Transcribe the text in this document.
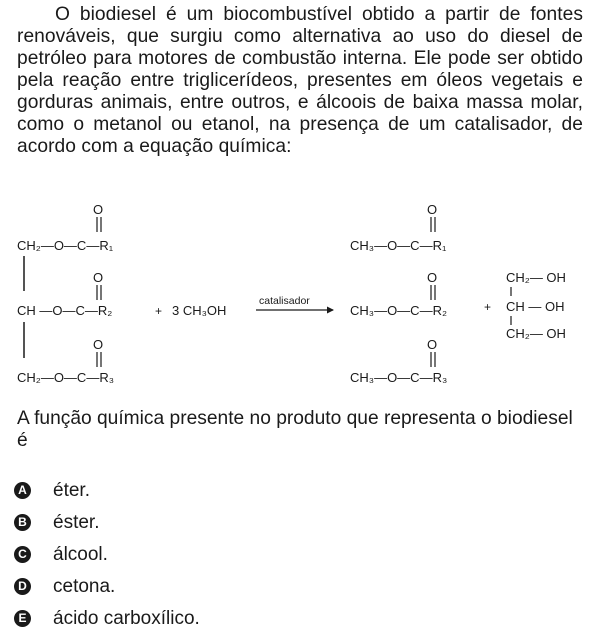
O biodiesel é um biocombustível obtido a partir de fontes renováveis, que surgiu como alternativa ao uso do diesel de petróleo para motores de combustão interna. Ele pode ser obtido pela reação entre triglicerídeos, presentes em óleos vegetais e gorduras animais, entre outros, e álcoois de baixa massa molar, como o metanol ou etanol, na presença de um catalisador, de acordo com a equação química:
O
O
O
CH₂—O—C—R₁
CH —O—C—R₂
CH₂—O—C—R₃
+ 3 CH₃OH
catalisador
O
O
O
CH₃—O—C—R₁
CH₃—O—C—R₂
CH₃—O—C—R₃
+
CH₂— OH
CH — OH
CH₂— OH
A função química presente no produto que representa o biodiesel é
A éter.
B éster.
C álcool.
D cetona.
E ácido carboxílico.
